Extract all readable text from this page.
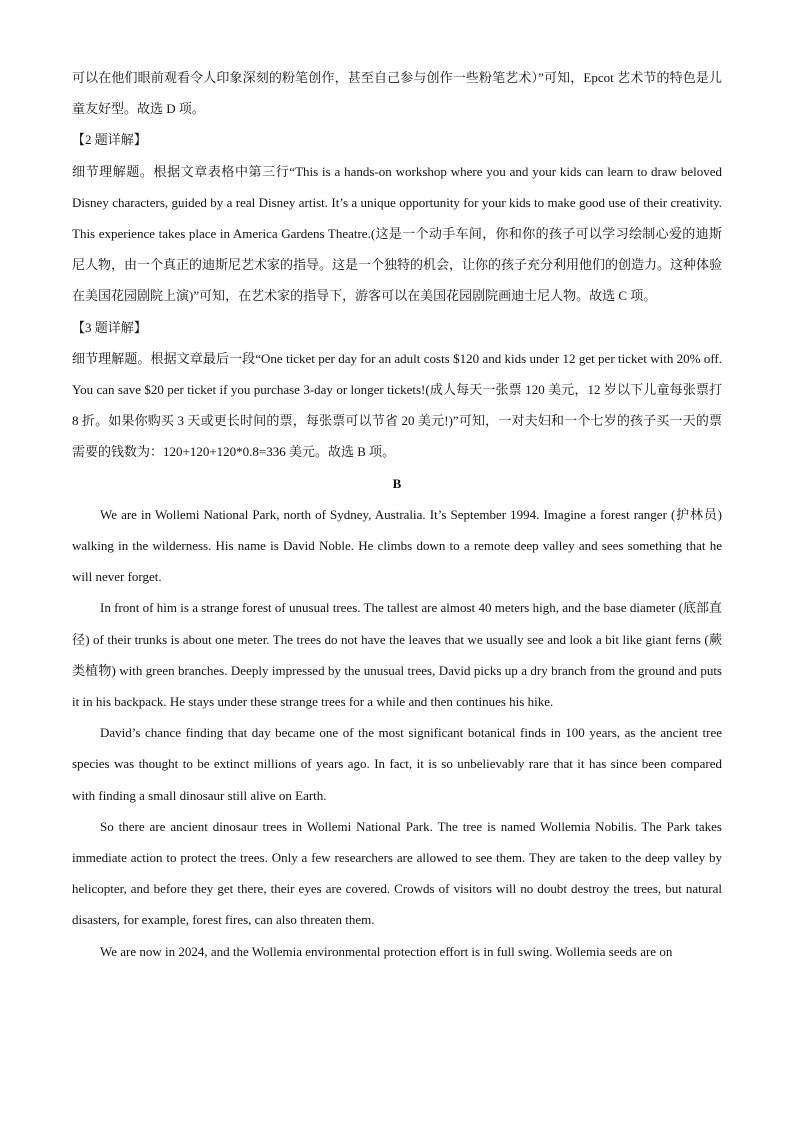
可以在他们眼前观看令人印象深刻的粉笔创作，甚至自己参与创作一些粉笔艺术）”可知，Epcot 艺术节的特色是儿童友好型。故选 D 项。

【2 题详解】

细节理解题。根据文章表格中第三行“This is a hands-on workshop where you and your kids can learn to draw beloved Disney characters, guided by a real Disney artist. It’s a unique opportunity for your kids to make good use of their creativity. This experience takes place in America Gardens Theatre.(这是一个动手车间，你和你的孩子可以学习绘制心爱的迪斯尼人物，由一个真正的迪斯尼艺术家的指导。这是一个独特的机会，让你的孩子充分利用他们的创造力。这种体验在美国花园剧院上演)”可知，在艺术家的指导下，游客可以在美国花园剧院画迪士尼人物。故选 C 项。

【3 题详解】

细节理解题。根据文章最后一段“One ticket per day for an adult costs $120 and kids under 12 get per ticket with 20% off. You can save $20 per ticket if you purchase 3-day or longer tickets!(成人每天一张票 120 美元，12 岁以下儿童每张票打 8 折。如果你购买 3 天或更长时间的票，每张票可以节省 20 美元!)”可知，一对夫妇和一个七岁的孩子买一天的票需要的钱数为：120+120+120*0.8=336 美元。故选 B 项。

B

We are in Wollemi National Park, north of Sydney, Australia. It’s September 1994. Imagine a forest ranger (护林员) walking in the wilderness. His name is David Noble. He climbs down to a remote deep valley and sees something that he will never forget.

In front of him is a strange forest of unusual trees. The tallest are almost 40 meters high, and the base diameter (底部直径) of their trunks is about one meter. The trees do not have the leaves that we usually see and look a bit like giant ferns (蕨类植物) with green branches. Deeply impressed by the unusual trees, David picks up a dry branch from the ground and puts it in his backpack. He stays under these strange trees for a while and then continues his hike.

David’s chance finding that day became one of the most significant botanical finds in 100 years, as the ancient tree species was thought to be extinct millions of years ago. In fact, it is so unbelievably rare that it has since been compared with finding a small dinosaur still alive on Earth.

So there are ancient dinosaur trees in Wollemi National Park. The tree is named Wollemia Nobilis. The Park takes immediate action to protect the trees. Only a few researchers are allowed to see them. They are taken to the deep valley by helicopter, and before they get there, their eyes are covered. Crowds of visitors will no doubt destroy the trees, but natural disasters, for example, forest fires, can also threaten them.

We are now in 2024, and the Wollemia environmental protection effort is in full swing. Wollemia seeds are on
